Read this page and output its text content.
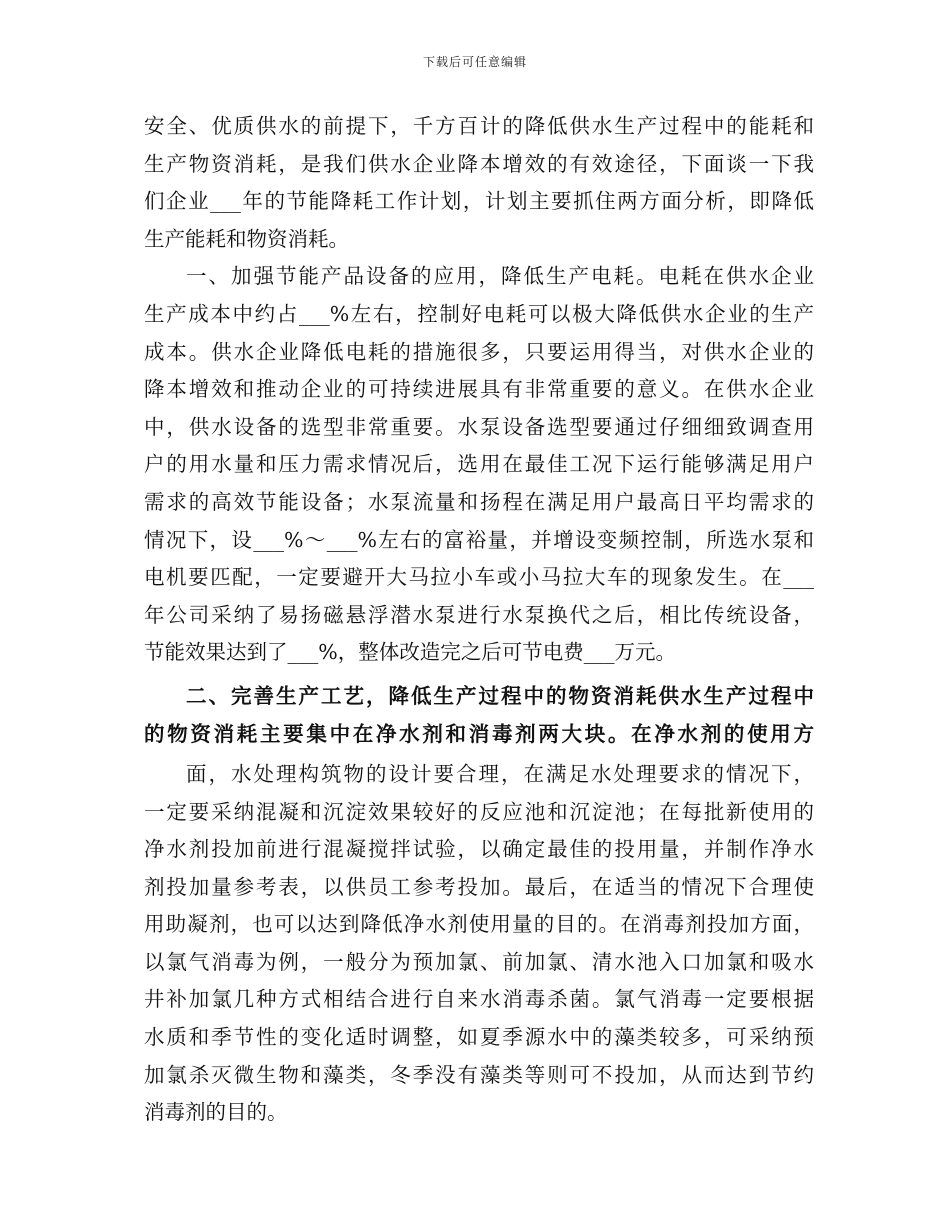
下载后可任意编辑
安全、优质供水的前提下，千方百计的降低供水生产过程中的能耗和
生产物资消耗，是我们供水企业降本增效的有效途径，下面谈一下我
们企业___年的节能降耗工作计划，计划主要抓住两方面分析，即降低
生产能耗和物资消耗。
一、加强节能产品设备的应用，降低生产电耗。电耗在供水企业
生产成本中约占___%左右，控制好电耗可以极大降低供水企业的生产
成本。供水企业降低电耗的措施很多，只要运用得当，对供水企业的
降本增效和推动企业的可持续进展具有非常重要的意义。在供水企业
中，供水设备的选型非常重要。水泵设备选型要通过仔细细致调查用
户的用水量和压力需求情况后，选用在最佳工况下运行能够满足用户
需求的高效节能设备；水泵流量和扬程在满足用户最高日平均需求的
情况下，设___%～___%左右的富裕量，并增设变频控制，所选水泵和
电机要匹配，一定要避开大马拉小车或小马拉大车的现象发生。在___
年公司采纳了易扬磁悬浮潜水泵进行水泵换代之后，相比传统设备，
节能效果达到了___%，整体改造完之后可节电费___万元。
二、完善生产工艺，降低生产过程中的物资消耗供水生产过程中
的物资消耗主要集中在净水剂和消毒剂两大块。在净水剂的使用方
面，水处理构筑物的设计要合理，在满足水处理要求的情况下，
一定要采纳混凝和沉淀效果较好的反应池和沉淀池；在每批新使用的
净水剂投加前进行混凝搅拌试验，以确定最佳的投用量，并制作净水
剂投加量参考表，以供员工参考投加。最后，在适当的情况下合理使
用助凝剂，也可以达到降低净水剂使用量的目的。在消毒剂投加方面，
以氯气消毒为例，一般分为预加氯、前加氯、清水池入口加氯和吸水
井补加氯几种方式相结合进行自来水消毒杀菌。氯气消毒一定要根据
水质和季节性的变化适时调整，如夏季源水中的藻类较多，可采纳预
加氯杀灭微生物和藻类，冬季没有藻类等则可不投加，从而达到节约
消毒剂的目的。
